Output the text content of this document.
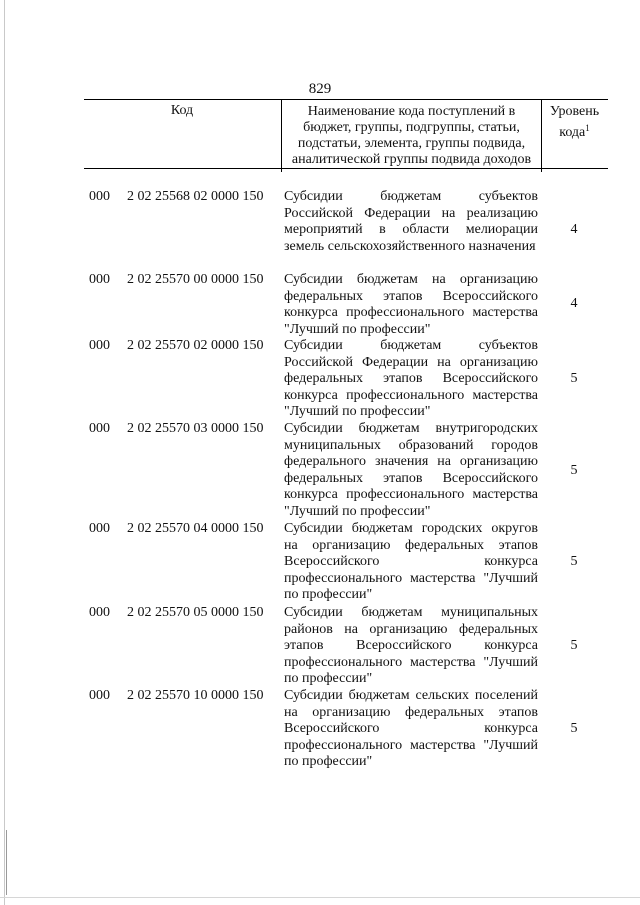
829
Код	Наименование кода поступлений в бюджет, группы, подгруппы, статьи, подстатьи, элемента, группы подвида, аналитической группы подвида доходов
Уровень кода$^1$
000 2 02 25568 02 0000 150 Субсидии бюджетам субъектов Российской Федерации на реализацию мероприятий в области мелиорации земель сельскохозяйственного назначения
4
000 2 02 25570 00 0000 150 Субсидии бюджетам на организацию федеральных этапов Всероссийского конкурса профессионального мастерства "Лучший по профессии"
4
000 2 02 25570 02 0000 150 Субсидии бюджетам субъектов Российской Федерации на организацию федеральных этапов Всероссийского конкурса профессионального мастерства "Лучший по профессии"
5
000 2 02 25570 03 0000 150 Субсидии бюджетам внутригородских муниципальных образований городов федерального значения на организацию федеральных этапов Всероссийского конкурса профессионального мастерства "Лучший по профессии"
5
000 2 02 25570 04 0000 150 Субсидии бюджетам городских округов на организацию федеральных этапов Всероссийского конкурса профессионального мастерства "Лучший по профессии"
5
000 2 02 25570 05 0000 150 Субсидии бюджетам муниципальных районов на организацию федеральных этапов Всероссийского конкурса профессионального мастерства "Лучший по профессии"
5
000 2 02 25570 10 0000 150 Субсидии бюджетам сельских поселений на организацию федеральных этапов Всероссийского конкурса профессионального мастерства "Лучший по профессии"
5
